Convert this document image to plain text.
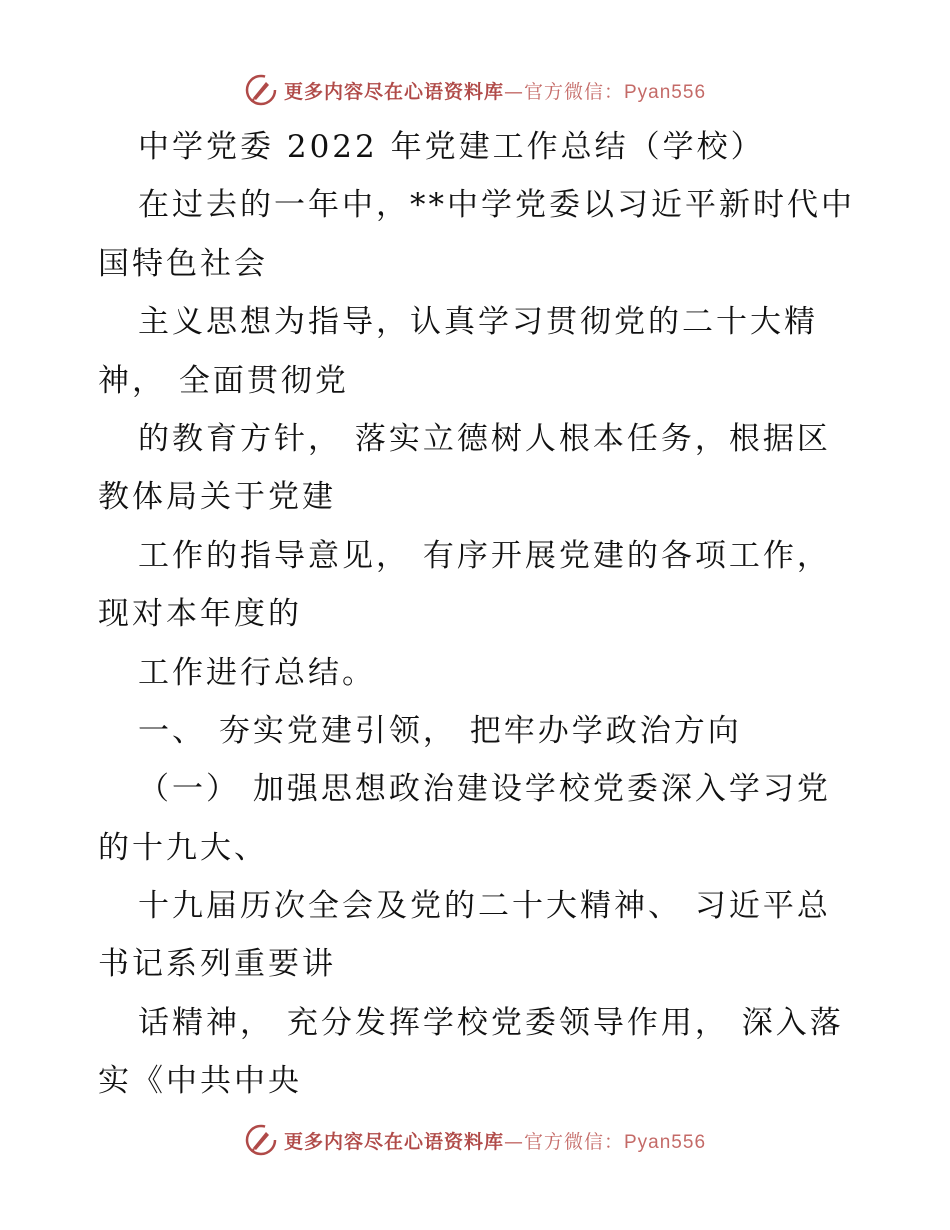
更多内容尽在心语资料库—官方微信：Pyan556
中学党委 2022 年党建工作总结（学校）
在过去的一年中，**中学党委以习近平新时代中
国特色社会
主义思想为指导，认真学习贯彻党的二十大精
神， 全面贯彻党
的教育方针， 落实立德树人根本任务，根据区
教体局关于党建
工作的指导意见， 有序开展党建的各项工作，
现对本年度的
工作进行总结。
一、 夯实党建引领， 把牢办学政治方向
（一） 加强思想政治建设学校党委深入学习党
的十九大、
十九届历次全会及党的二十大精神、 习近平总
书记系列重要讲
话精神， 充分发挥学校党委领导作用， 深入落
实《中共中央
更多内容尽在心语资料库—官方微信：Pyan556
